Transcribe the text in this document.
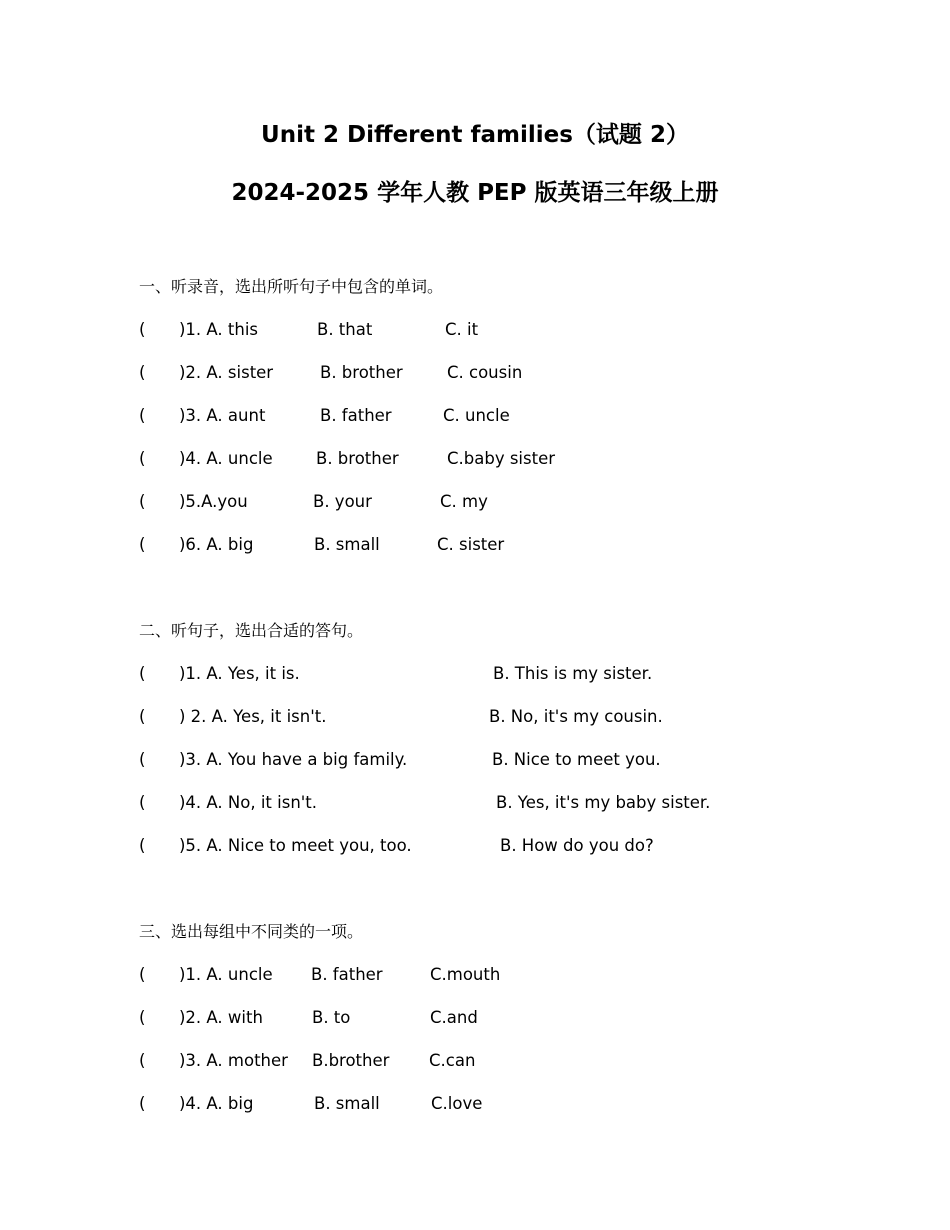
Unit 2 Different families（试题 2）
2024-2025 学年人教 PEP 版英语三年级上册
一、听录音，选出所听句子中包含的单词。
( )1. A. this	B. that	C. it
( )2. A. sister	B. brother	C. cousin
( )3. A. aunt	B. father	C. uncle
( )4. A. uncle	B. brother	C.baby sister
( )5.A.you	B. your	C. my
( )6. A. big	B. small	C. sister
二、听句子，选出合适的答句。
( )1. A. Yes, it is.	B. This is my sister.
( ) 2. A. Yes, it isn't.	B. No, it's my cousin.
( )3. A. You have a big family.	B. Nice to meet you.
( )4. A. No, it isn't.	B. Yes, it's my baby sister.
( )5. A. Nice to meet you, too.	B. How do you do?
三、选出每组中不同类的一项。
( )1. A. uncle B. father	C.mouth
( )2. A. with	B. to	C.and
( )3. A. mother B.brother C.can
( )4. A. big	B. small	C.love
